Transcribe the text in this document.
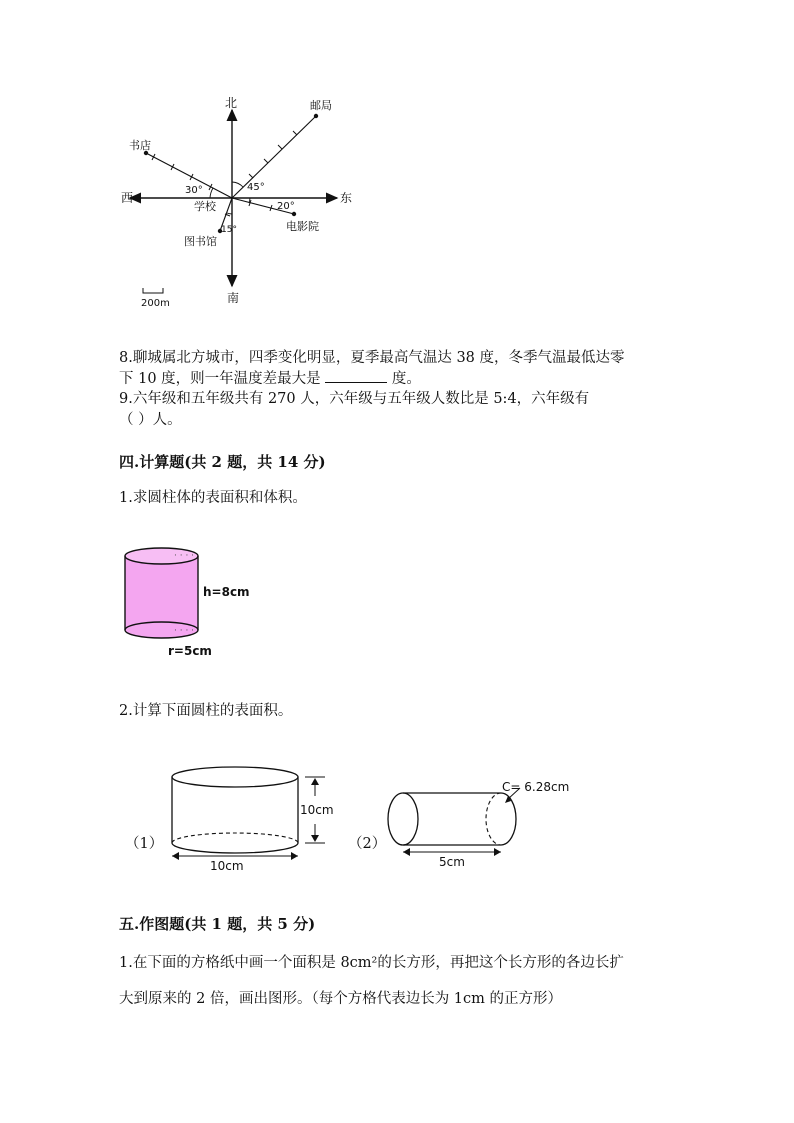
北
南
东
西
邮局
书店
学校
电影院
图书馆
30°	45°
20°
15°
200m
8.聊城属北方城市，四季变化明显，夏季最高气温达 38 度，冬季气温最低达零
下 10 度，则一年温度差最大是	度。
9.六年级和五年级共有 270 人，六年级与五年级人数比是 5:4，六年级有
（ ）人。
四.计算题(共 2 题，共 14 分)
1.求圆柱体的表面积和体积。
· · · ·
· · · ·
h=8cm
r=5cm
2.计算下面圆柱的表面积。
（1）
10cm
10cm
（2）
C= 6.28cm
5cm
五.作图题(共 1 题，共 5 分)
1.在下面的方格纸中画一个面积是 8cm²的长方形，再把这个长方形的各边长扩
大到原来的 2 倍，画出图形。（每个方格代表边长为 1cm 的正方形）
